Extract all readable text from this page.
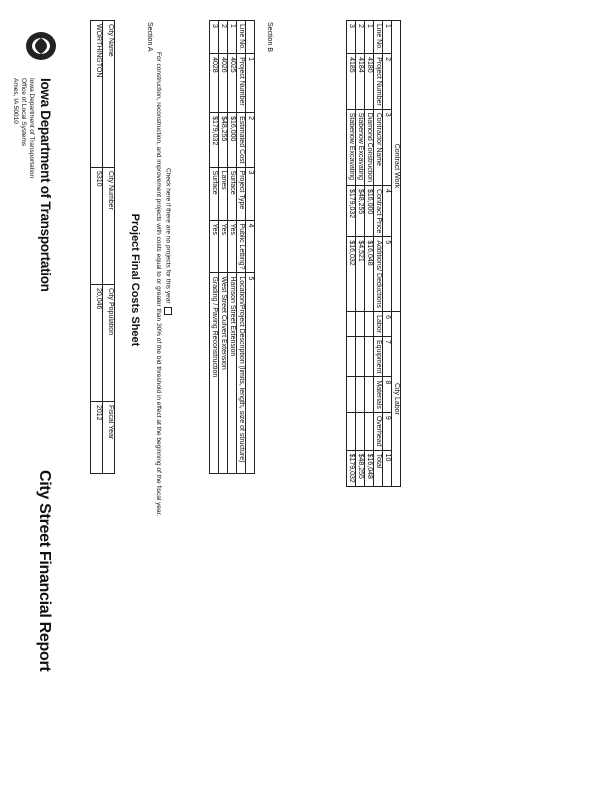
Iowa Department of Transportation
Iowa Department of Transportation
Office of Local Systems
Ames, IA 50010
City Street Financial Report
City Name	City Number	City Population	Fiscal Year
WORTHINGTON	5310	20,046	2012
Project Final Costs Sheet
Section A
For construction, reconstruction, and improvement projects with costs equal to or greater than 30% of the bid threshold in effect at the beginning of the fiscal year. Check here if there are no projects for this year
	1	2	3	4	5
Line No.	Project Number	Estimated Cost	Project Type	Public Letting?	Location/Project Description (limits, length, size of structure)
1	4025	$16,000	Surface	Yes	Harrison Street Extension
2	4026	$48,255	Lanes	Yes	West Street Culvert Extension
3	4028	$179,032	Surface	Yes	Grading / Paving Reconstruction
Section B
Contract Work					City Labor				
1	2	3	4	5	6	7	8	9	10
Line No.	Project Number	Contractor Name	Contract Price	Additions/ Deductions	Labor	Equipment	Materials	Overhead	Total
1	4180	Diamond Construction	$16,000	$16,048					$16,048
2	4184	Stabenow Excavating	$48,255	$4,521					$48,255
3	4185	Stabenow Excavating	$179,032	$16,032					$179,032
